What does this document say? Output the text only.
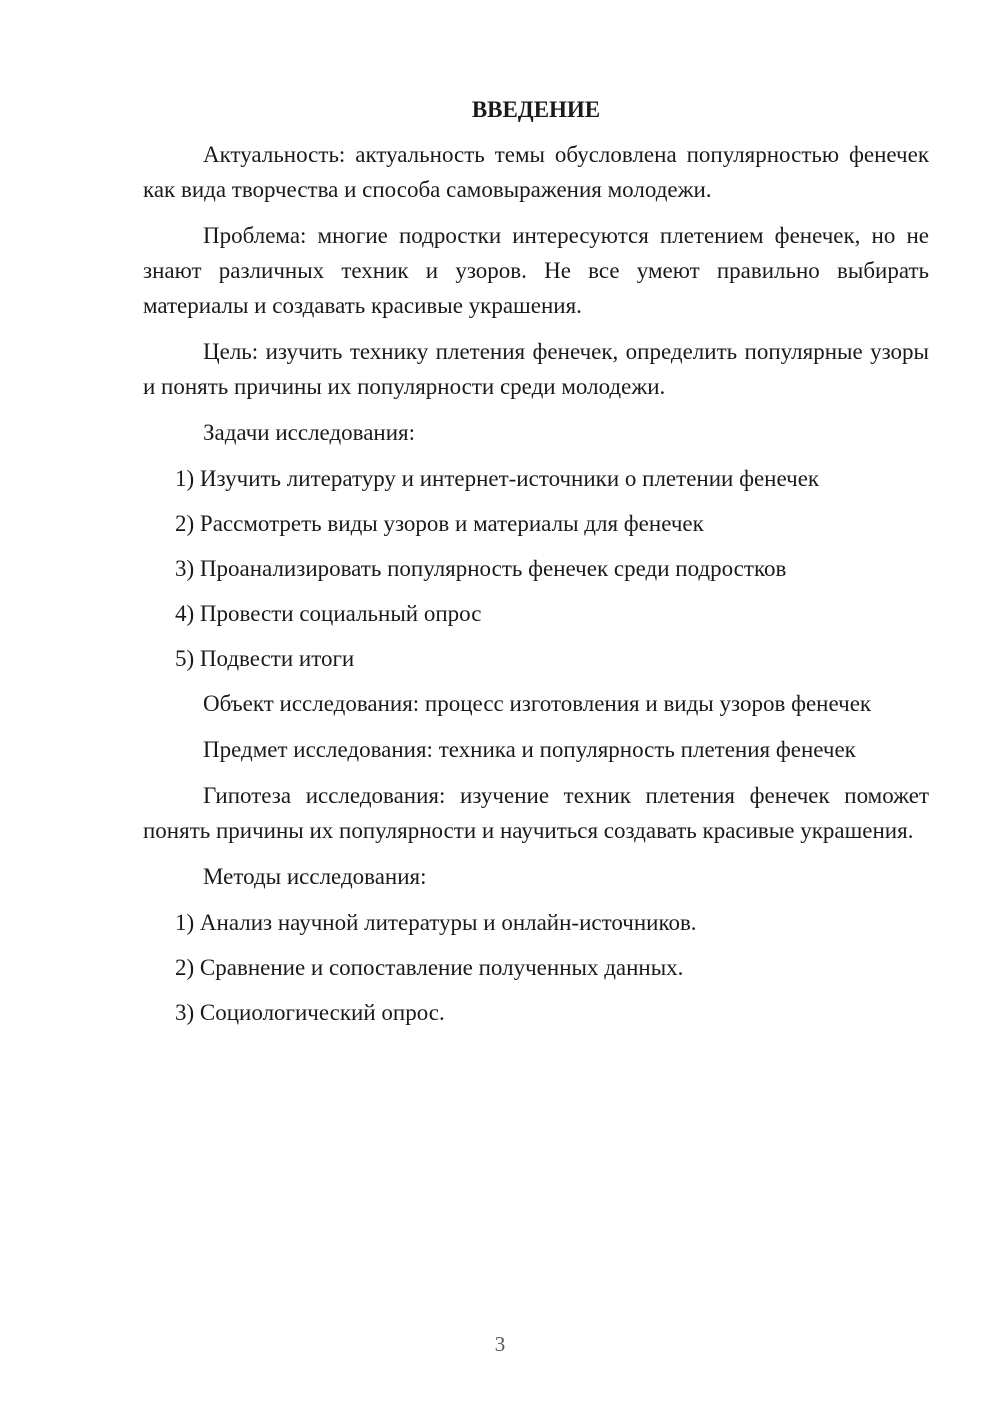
ВВЕДЕНИЕ

Актуальность: актуальность темы обусловлена популярностью фенечек как вида творчества и способа самовыражения молодежи.

Проблема: многие подростки интересуются плетением фенечек, но не знают различных техник и узоров. Не все умеют правильно выбирать материалы и создавать красивые украшения.

Цель: изучить технику плетения фенечек, определить популярные узоры и понять причины их популярности среди молодежи.

Задачи исследования:

1) Изучить литературу и интернет-источники о плетении фенечек
2) Рассмотреть виды узоров и материалы для фенечек
3) Проанализировать популярность фенечек среди подростков
4) Провести социальный опрос
5) Подвести итоги

Объект исследования: процесс изготовления и виды узоров фенечек

Предмет исследования: техника и популярность плетения фенечек

Гипотеза исследования: изучение техник плетения фенечек поможет понять причины их популярности и научиться создавать красивые украшения.

Методы исследования:

1) Анализ научной литературы и онлайн-источников.
2) Сравнение и сопоставление полученных данных.
3) Социологический опрос.
3
